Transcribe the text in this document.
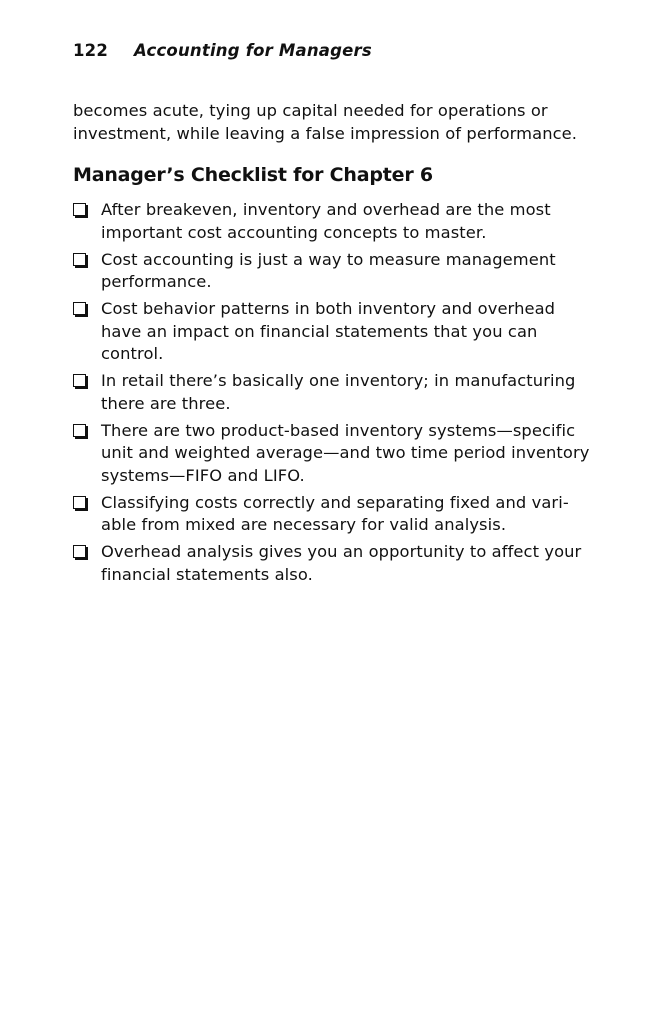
122 Accounting for Managers

becomes acute, tying up capital needed for operations or investment, while leaving a false impression of performance.

Manager’s Checklist for Chapter 6
After breakeven, inventory and overhead are the most important cost accounting concepts to master.
Cost accounting is just a way to measure management performance.
Cost behavior patterns in both inventory and overhead have an impact on financial statements that you can control.
In retail there’s basically one inventory; in manufacturing there are three.
There are two product-based inventory systems—specific unit and weighted average—and two time period inventory systems—FIFO and LIFO.
Classifying costs correctly and separating fixed and vari-able from mixed are necessary for valid analysis.
Overhead analysis gives you an opportunity to affect your financial statements also.
